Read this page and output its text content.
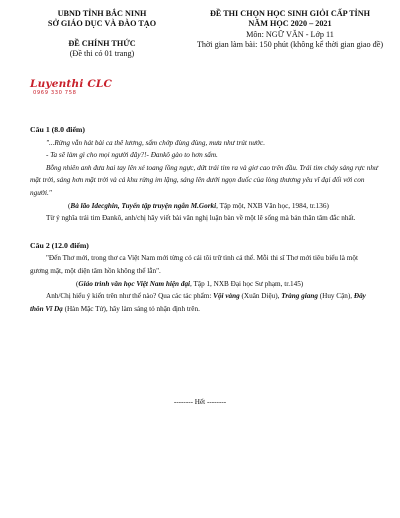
UBND TỈNH BẮC NINH
SỞ GIÁO DỤC VÀ ĐÀO TẠO
ĐỀ CHÍNH THỨC
(Đề thi có 01 trang)
ĐỀ THI CHỌN HỌC SINH GIỎI CẤP TỈNH
NĂM HỌC 2020 – 2021
Môn: NGỮ VĂN - Lớp 11
Thời gian làm bài: 150 phút (không kể thời gian giao đề)
Luyenthi CLC
0969 330 758

Câu 1 (8.0 điểm)

"...Rừng vẫn hát bài ca thê lương, sấm chớp đùng đùng, mưa như trút nước.

- Ta sẽ làm gì cho mọi người đây?!- Đankô gào to hơn sấm.

Bỗng nhiên anh đưa hai tay lên xé toang lồng ngực, dứt trái tim ra và giơ cao trên đầu. Trái tim cháy sáng rực như mặt trời, sáng hơn mặt trời và cả khu rừng im lặng, sáng lên dưới ngọn đuốc của lòng thương yêu vĩ đại đối với con người."

(Bà lão Idecghin, Tuyển tập truyện ngắn M.Gorki, Tập một, NXB Văn học, 1984, tr.136)

Từ ý nghĩa trái tim Đankô, anh/chị hãy viết bài văn nghị luận bàn về một lẽ sống mà bản thân tâm đắc nhất.

Câu 2 (12.0 điểm)

"Đến Thơ mới, trong thơ ca Việt Nam mới từng có cái tôi trữ tình cá thể. Mỗi thi sĩ Thơ mới tiêu biểu là một gương mặt, một diện tâm hồn không thể lẫn".

(Giáo trình văn học Việt Nam hiện đại, Tập 1, NXB Đại học Sư phạm, tr.145)

Anh/Chị hiểu ý kiến trên như thế nào? Qua các tác phẩm: Vội vàng (Xuân Diệu), Tràng giang (Huy Cận), Đây thôn Vĩ Dạ (Hàn Mặc Tử), hãy làm sáng tỏ nhận định trên.

-------- Hết --------
